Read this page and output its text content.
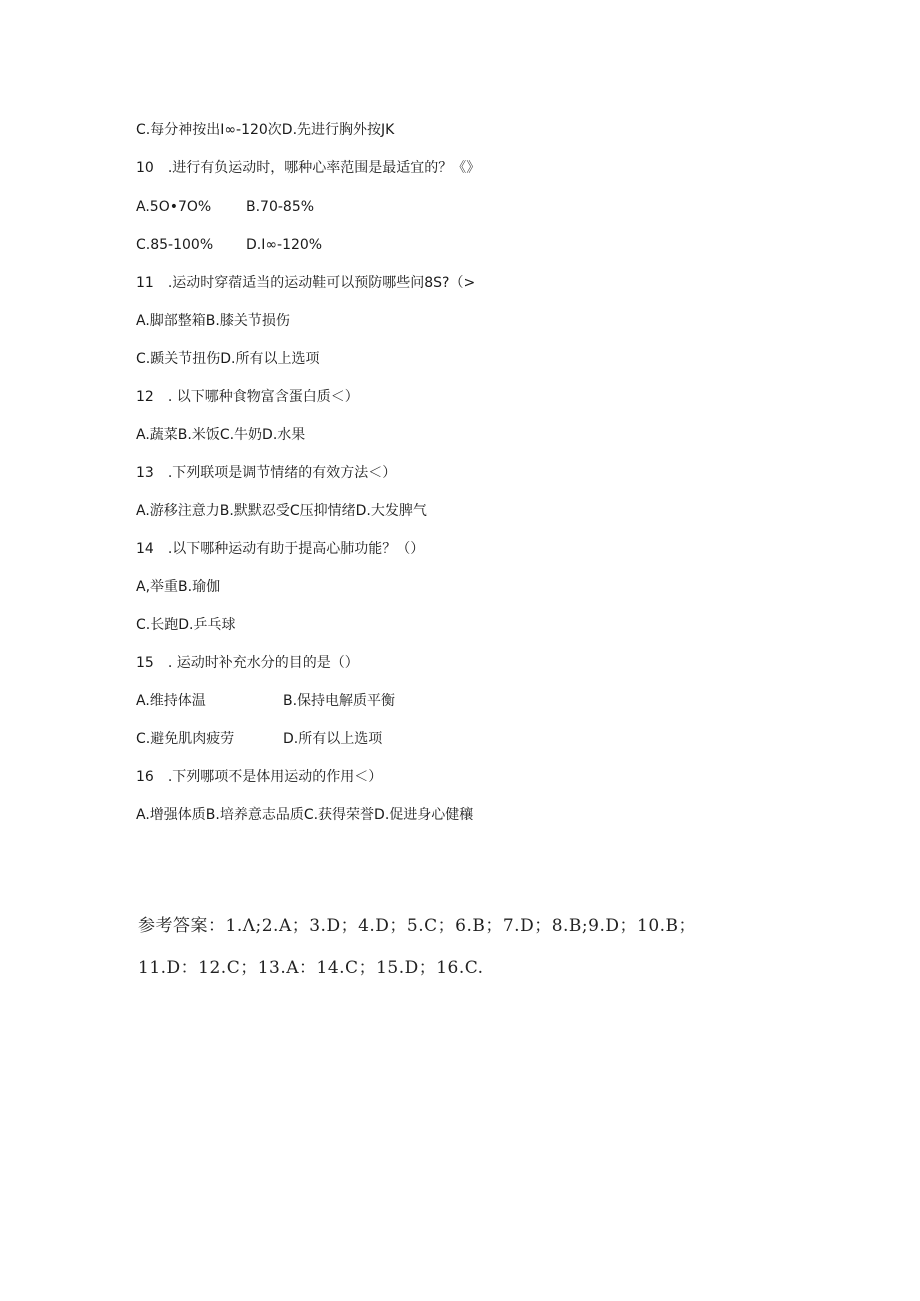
C.每分神按出I∞-120次D.先进行胸外按JK
10　.进行有负运动时，哪种心率范围是最适宜的？《》
A.5O•7O% B.70-85%
C.85-100% D.I∞-120%
11　.运动时穿蓿适当的运动鞋可以预防哪些问8S?（>
A.脚部整箱B.膝关节损伤
C.踬关节扭伤D.所有以上选项
12　. 以下哪种食物富含蛋白质＜）
A.蔬菜B.米饭C.牛奶D.水果
13　.下列联项是调节情绪的有效方法＜）
A.游移注意力B.默默忍受C压抑情绪D.大发脾气
14　.以下哪种运动有助于提高心肺功能？（）
A,举重B.瑜伽
C.长跑D.乒乓球
15　. 运动时补充水分的目的是（）
A.维持体温	B.保持电解质平衡
C.避免肌肉疲劳	D.所有以上选项
16　.下列哪项不是体用运动的作用＜）
A.增强体质B.培养意志品质C.获得荣誉D.促进身心健穰
参考答案：1.Λ;2.A；3.D；4.D；5.C；6.B；7.D；8.B;9.D；10.B；
11.D：12.C；13.A：14.C；15.D；16.C.
